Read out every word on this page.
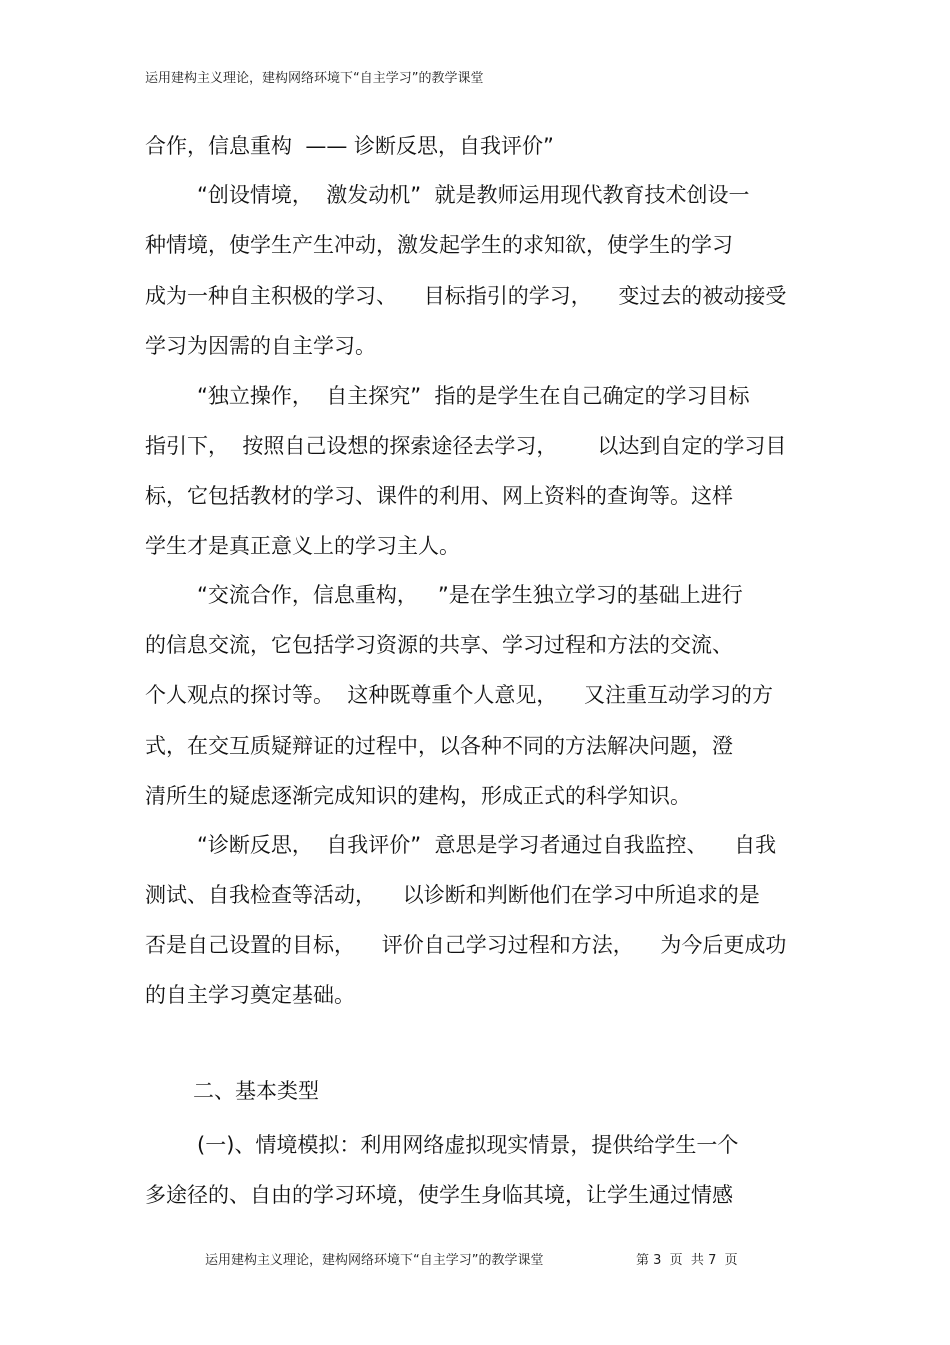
运用建构主义理论，建构网络环境下“自主学习”的教学课堂
合作，信息重构  —— 诊断反思，自我评价”
“创设情境，  激发动机”  就是教师运用现代教育技术创设一
种情境，使学生产生冲动，激发起学生的求知欲，使学生的学习
成为一种自主积极的学习、    目标指引的学习，    变过去的被动接受
学习为因需的自主学习。
“独立操作，  自主探究”  指的是学生在自己确定的学习目标
指引下，  按照自己设想的探索途径去学习，      以达到自定的学习目
标，它包括教材的学习、课件的利用、网上资料的查询等。这样
学生才是真正意义上的学习主人。
“交流合作，信息重构，   ”是在学生独立学习的基础上进行
的信息交流，它包括学习资源的共享、学习过程和方法的交流、
个人观点的探讨等。  这种既尊重个人意见，    又注重互动学习的方
式，在交互质疑辩证的过程中，以各种不同的方法解决问题，澄
清所生的疑虑逐渐完成知识的建构，形成正式的科学知识。
“诊断反思，  自我评价”  意思是学习者通过自我监控、    自我
测试、自我检查等活动，    以诊断和判断他们在学习中所追求的是
否是自己设置的目标，    评价自己学习过程和方法，    为今后更成功
的自主学习奠定基础。
二、基本类型
(一)、情境模拟：利用网络虚拟现实情景，提供给学生一个
多途径的、自由的学习环境，使学生身临其境，让学生通过情感
运用建构主义理论，建构网络环境下“自主学习”的教学课堂	第 3  页  共 7  页
